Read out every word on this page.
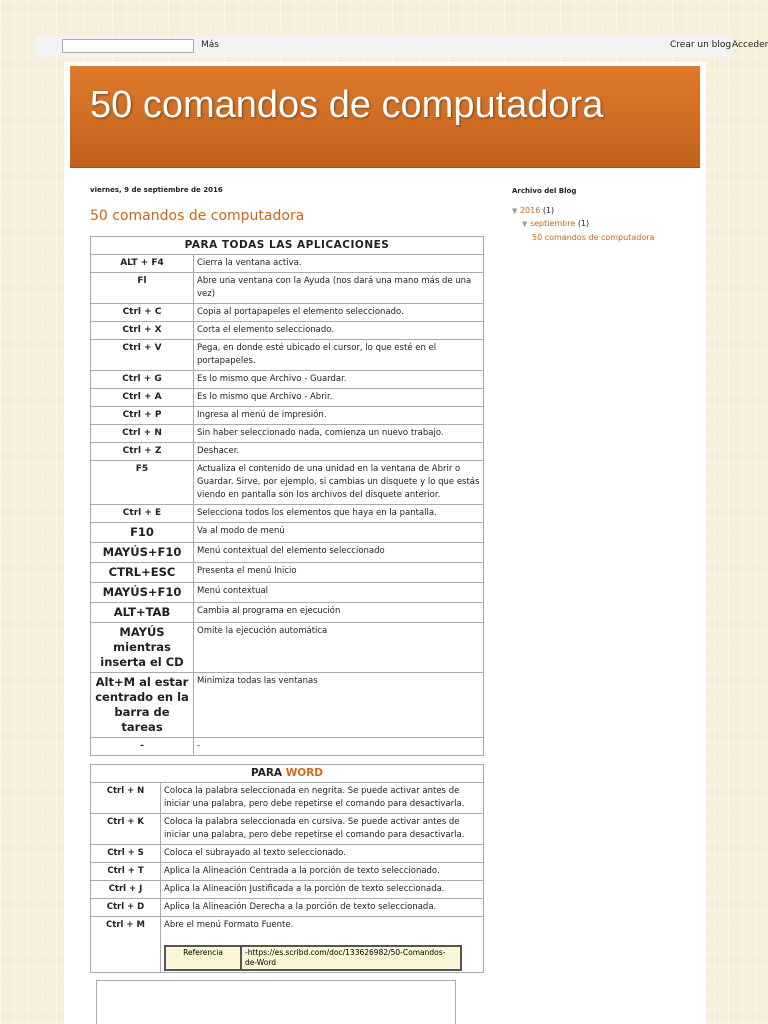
Más	Crear un blog Acceder
50 comandos de computadora
viernes, 9 de septiembre de 2016
50 comandos de computadora
PARA TODAS LAS APLICACIONES	
ALT + F4	Cierra la ventana activa.
Fl	Abre una ventana con la Ayuda (nos dará una mano más de una vez)
Ctrl + C	Copia al portapapeles el elemento seleccionado.
Ctrl + X	Corta el elemento seleccionado.
Ctrl + V	Pega, en donde esté ubicado el cursor, lo que esté en el portapapeles.
Ctrl + G	Es lo mismo que Archivo - Guardar.
Ctrl + A	Es lo mismo que Archivo - Abrir.
Ctrl + P	Ingresa al menú de impresión.
Ctrl + N	Sin haber seleccionado nada, comienza un nuevo trabajo.
Ctrl + Z	Deshacer.
F5	Actualiza el contenido de una unidad en la ventana de Abrir o Guardar. Sirve, por ejemplo, si cambias un disquete y lo que estás viendo en pantalla son los archivos del disquete anterior.
Ctrl + E	Selecciona todos los elementos que haya en la pantalla.
F10	Va al modo de menú
MAYÚS+F10	Menú contextual del elemento seleccionado
CTRL+ESC	Presenta el menú Inicio
MAYÚS+F10	Menú contextual
ALT+TAB	Cambia al programa en ejecución
MAYÚS mientras inserta el CD	Omite la ejecución automática
Alt+M al estar centrado en la barra de tareas	Minimiza todas las ventanas
-	-
PARA WORD	
Ctrl + N	Coloca la palabra seleccionada en negrita. Se puede activar antes de iniciar una palabra, pero debe repetirse el comando para desactivarla.
Ctrl + K	Coloca la palabra seleccionada en cursiva. Se puede activar antes de iniciar una palabra, pero debe repetirse el comando para desactivarla.
Ctrl + S	Coloca el subrayado al texto seleccionado.
Ctrl + T	Aplica la Alineación Centrada a la porción de texto seleccionado.
Ctrl + J	Aplica la Alineación Justificada a la porción de texto seleccionada.
Ctrl + D	Aplica la Alineación Derecha a la porción de texto seleccionada.
Ctrl + M	Abre el menú Formato Fuente.
Referencia	-https://es.scribd.com/doc/133626982/50-Comandos-de-Word
Archivo del Blog
▼ 2016 (1)
▼ septiembre (1)
50 comandos de computadora
